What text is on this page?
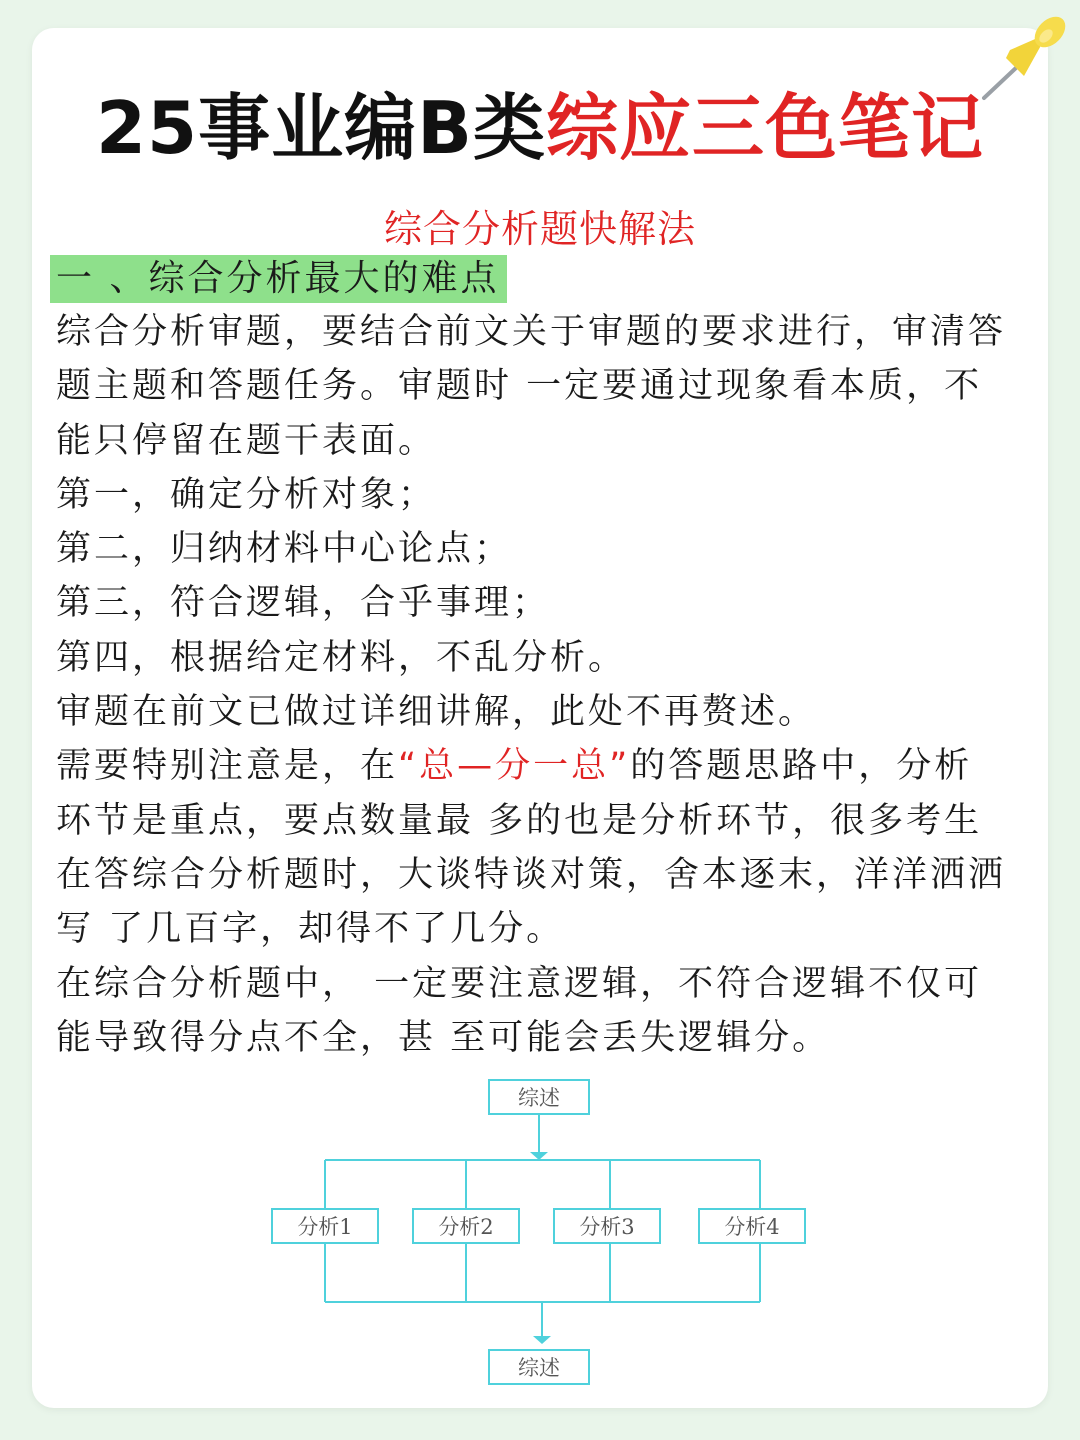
25事业编B类综应三色笔记
综合分析题快解法
一 、综合分析最大的难点

综合分析审题，要结合前文关于审题的要求进行，审清答

题主题和答题任务。审题时 一定要通过现象看本质，不

能只停留在题干表面。

第一，确定分析对象；

第二，归纳材料中心论点；

第三，符合逻辑，合乎事理；

第四，根据给定材料，不乱分析。

审题在前文已做过详细讲解，此处不再赘述。

需要特别注意是，在“总—分一总”的答题思路中，分析

环节是重点，要点数量最 多的也是分析环节，很多考生

在答综合分析题时，大谈特谈对策，舍本逐末，洋洋洒洒

写 了几百字，却得不了几分。

在综合分析题中， 一定要注意逻辑，不符合逻辑不仅可

能导致得分点不全，甚 至可能会丢失逻辑分。

综述
分析1	分析2	分析3	分析4
综述
